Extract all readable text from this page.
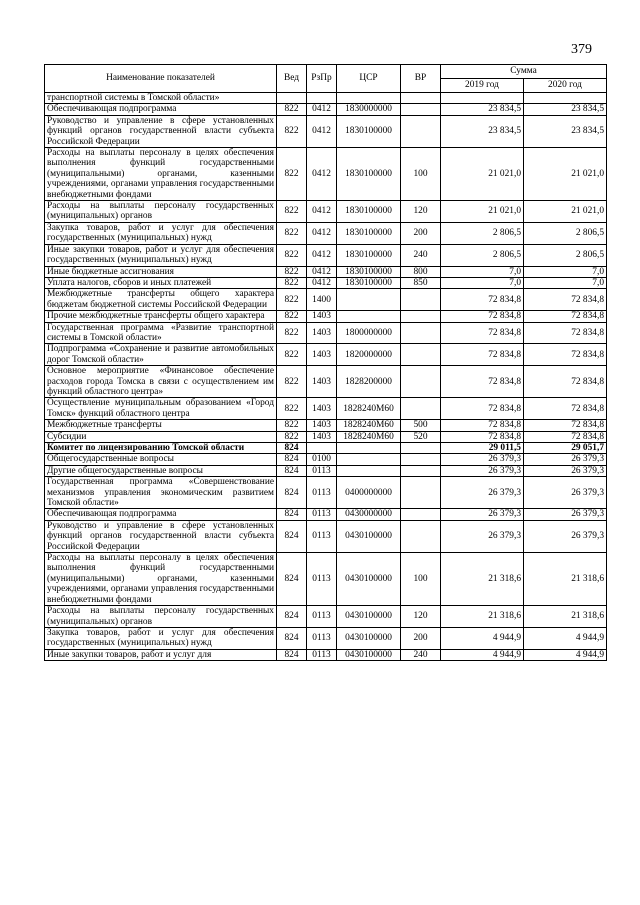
379
Наименование показателей	Вед	РзПр	ЦСР	ВР	Сумма	
					2019 год	2020 год
транспортной системы в Томской области»						
Обеспечивающая подпрограмма	822	0412	1830000000		23 834,5	23 834,5
Руководство и управление в сфере установленных функций органов государственной власти субъекта Российской Федерации	822	0412	1830100000		23 834,5	23 834,5
Расходы на выплаты персоналу в целях обеспечения выполнения функций государственными (муниципальными) органами, казенными учреждениями, органами управления государственными внебюджетными фондами	822	0412	1830100000	100	21 021,0	21 021,0
Расходы на выплаты персоналу государственных (муниципальных) органов	822	0412	1830100000	120	21 021,0	21 021,0
Закупка товаров, работ и услуг для обеспечения государственных (муниципальных) нужд	822	0412	1830100000	200	2 806,5	2 806,5
Иные закупки товаров, работ и услуг для обеспечения государственных (муниципальных) нужд	822	0412	1830100000	240	2 806,5	2 806,5
Иные бюджетные ассигнования	822	0412	1830100000	800	7,0	7,0
Уплата налогов, сборов и иных платежей	822	0412	1830100000	850	7,0	7,0
Межбюджетные трансферты общего характера бюджетам бюджетной системы Российской Федерации	822	1400			72 834,8	72 834,8
Прочие межбюджетные трансферты общего характера	822	1403			72 834,8	72 834,8
Государственная программа «Развитие транспортной системы в Томской области»	822	1403	1800000000		72 834,8	72 834,8
Подпрограмма «Сохранение и развитие автомобильных дорог Томской области»	822	1403	1820000000		72 834,8	72 834,8
Основное мероприятие «Финансовое обеспечение расходов города Томска в связи с осуществлением им функций областного центра»	822	1403	1828200000		72 834,8	72 834,8
Осуществление муниципальным образованием «Город Томск» функций областного центра	822	1403	1828240М60		72 834,8	72 834,8
Межбюджетные трансферты	822	1403	1828240М60	500	72 834,8	72 834,8
Субсидии	822	1403	1828240М60	520	72 834,8	72 834,8
Комитет по лицензированию Томской области	824				29 011,5	29 051,7
Общегосударственные вопросы	824	0100			26 379,3	26 379,3
Другие общегосударственные вопросы	824	0113			26 379,3	26 379,3
Государственная программа «Совершенствование механизмов управления экономическим развитием Томской области»	824	0113	0400000000		26 379,3	26 379,3
Обеспечивающая подпрограмма	824	0113	0430000000		26 379,3	26 379,3
Руководство и управление в сфере установленных функций органов государственной власти субъекта Российской Федерации	824	0113	0430100000		26 379,3	26 379,3
Расходы на выплаты персоналу в целях обеспечения выполнения функций государственными (муниципальными) органами, казенными учреждениями, органами управления государственными внебюджетными фондами	824	0113	0430100000	100	21 318,6	21 318,6
Расходы на выплаты персоналу государственных (муниципальных) органов	824	0113	0430100000	120	21 318,6	21 318,6
Закупка товаров, работ и услуг для обеспечения государственных (муниципальных) нужд	824	0113	0430100000	200	4 944,9	4 944,9
Иные закупки товаров, работ и услуг для	824	0113	0430100000	240	4 944,9	4 944,9
